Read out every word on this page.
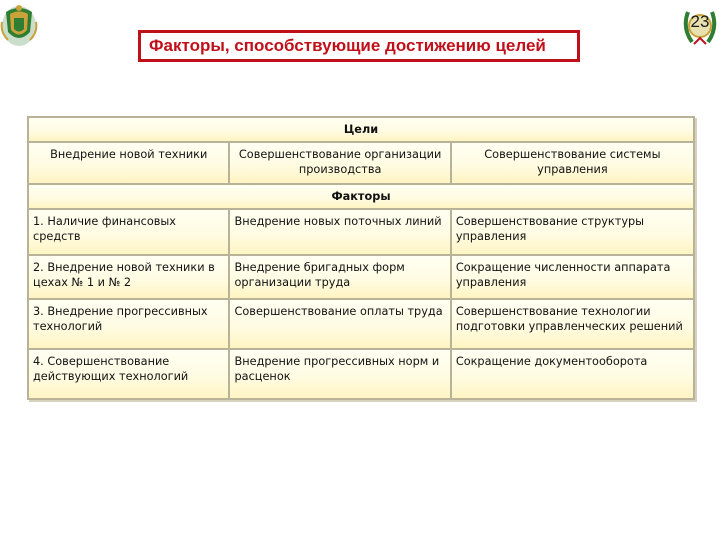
23
Факторы, способствующие достижению целей
Цели		
Внедрение новой техники	Совершенствование организации производства	Совершенствование системы управления
Факторы		
1. Наличие финансовых средств	Внедрение новых поточных линий	Совершенствование структуры управления
2. Внедрение новой техники в цехах № 1 и № 2	Внедрение бригадных форм организации труда	Сокращение численности аппарата управления
3. Внедрение прогрессивных технологий	Совершенствование оплаты труда	Совершенствование технологии подготовки управленческих решений
4. Совершенствование действующих технологий	Внедрение прогрессивных норм и расценок	Сокращение документооборота
